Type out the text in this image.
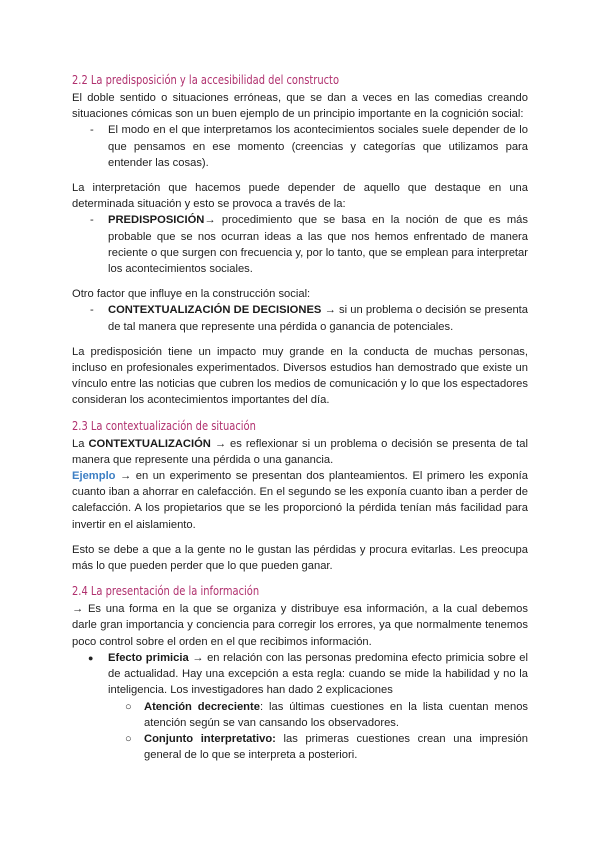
2.2 La predisposición y la accesibilidad del constructo

El doble sentido o situaciones erróneas, que se dan a veces en las comedias creando situaciones cómicas son un buen ejemplo de un principio importante en la cognición social:

- El modo en el que interpretamos los acontecimientos sociales suele depender de lo que pensamos en ese momento (creencias y categorías que utilizamos para entender las cosas).

La interpretación que hacemos puede depender de aquello que destaque en una determinada situación y esto se provoca a través de la:

- PREDISPOSICIÓN→ procedimiento que se basa en la noción de que es más probable que se nos ocurran ideas a las que nos hemos enfrentado de manera reciente o que surgen con frecuencia y, por lo tanto, que se emplean para interpretar los acontecimientos sociales.

Otro factor que influye en la construcción social:

- CONTEXTUALIZACIÓN DE DECISIONES → si un problema o decisión se presenta de tal manera que represente una pérdida o ganancia de potenciales.

La predisposición tiene un impacto muy grande en la conducta de muchas personas, incluso en profesionales experimentados. Diversos estudios han demostrado que existe un vínculo entre las noticias que cubren los medios de comunicación y lo que los espectadores consideran los acontecimientos importantes del día.

2.3 La contextualización de situación

La CONTEXTUALIZACIÓN → es reflexionar si un problema o decisión se presenta de tal manera que represente una pérdida o una ganancia.

Ejemplo → en un experimento se presentan dos planteamientos. El primero les exponía cuanto iban a ahorrar en calefacción. En el segundo se les exponía cuanto iban a perder de calefacción. A los propietarios que se les proporcionó la pérdida tenían más facilidad para invertir en el aislamiento.

Esto se debe a que a la gente no le gustan las pérdidas y procura evitarlas. Les preocupa más lo que pueden perder que lo que pueden ganar.

2.4 La presentación de la información

→ Es una forma en la que se organiza y distribuye esa información, a la cual debemos darle gran importancia y conciencia para corregir los errores, ya que normalmente tenemos poco control sobre el orden en el que recibimos información.

● Efecto primicia → en relación con las personas predomina efecto primicia sobre el de actualidad. Hay una excepción a esta regla: cuando se mide la habilidad y no la inteligencia. Los investigadores han dado 2 explicaciones
○ Atención decreciente: las últimas cuestiones en la lista cuentan menos atención según se van cansando los observadores.
○ Conjunto interpretativo: las primeras cuestiones crean una impresión general de lo que se interpreta a posteriori.
